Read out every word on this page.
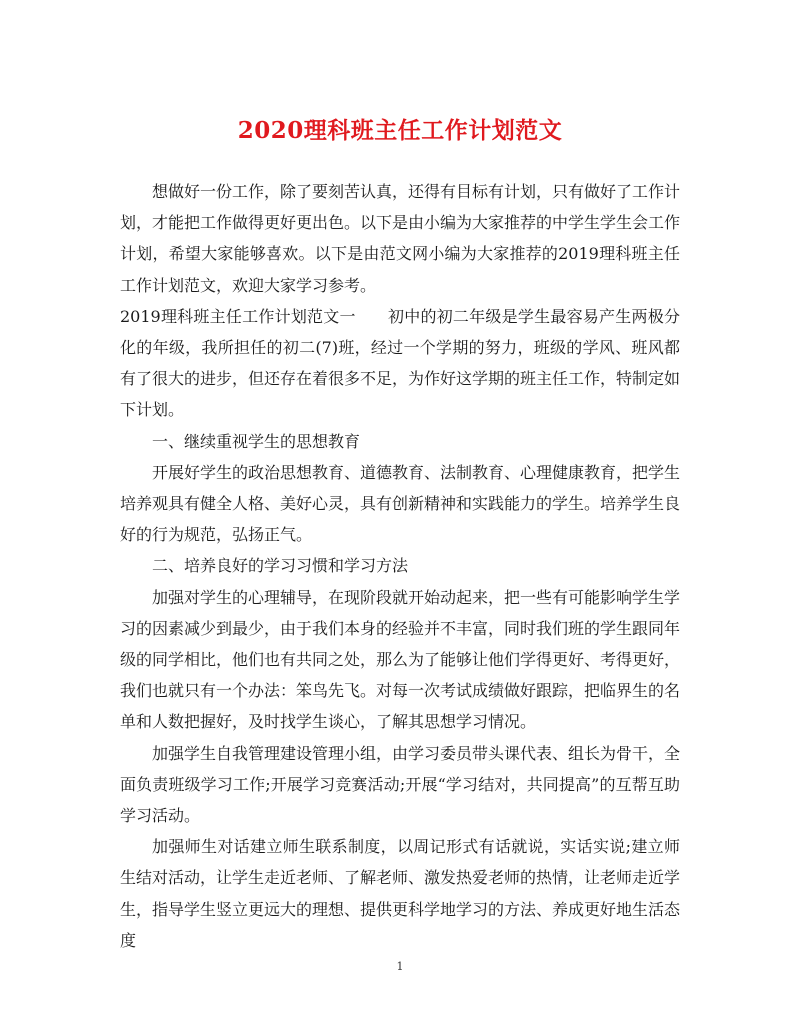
2020理科班主任工作计划范文

想做好一份工作，除了要刻苦认真，还得有目标有计划，只有做好了工作计划，才能把工作做得更好更出色。以下是由小编为大家推荐的中学生学生会工作计划，希望大家能够喜欢。以下是由范文网小编为大家推荐的2019理科班主任工作计划范文，欢迎大家学习参考。

2019理科班主任工作计划范文一 初中的初二年级是学生最容易产生两极分化的年级，我所担任的初二(7)班，经过一个学期的努力，班级的学风、班风都有了很大的进步，但还存在着很多不足，为作好这学期的班主任工作，特制定如下计划。

一、继续重视学生的思想教育

开展好学生的政治思想教育、道德教育、法制教育、心理健康教育，把学生培养观具有健全人格、美好心灵，具有创新精神和实践能力的学生。培养学生良好的行为规范，弘扬正气。

二、培养良好的学习习惯和学习方法

加强对学生的心理辅导，在现阶段就开始动起来，把一些有可能影响学生学习的因素减少到最少，由于我们本身的经验并不丰富，同时我们班的学生跟同年级的同学相比，他们也有共同之处，那么为了能够让他们学得更好、考得更好，我们也就只有一个办法：笨鸟先飞。对每一次考试成绩做好跟踪，把临界生的名单和人数把握好，及时找学生谈心，了解其思想学习情况。

加强学生自我管理建设管理小组，由学习委员带头课代表、组长为骨干，全面负责班级学习工作;开展学习竞赛活动;开展“学习结对，共同提高”的互帮互助学习活动。

加强师生对话建立师生联系制度，以周记形式有话就说，实话实说;建立师生结对活动，让学生走近老师、了解老师、激发热爱老师的热情，让老师走近学生，指导学生竖立更远大的理想、提供更科学地学习的方法、养成更好地生活态度

1
